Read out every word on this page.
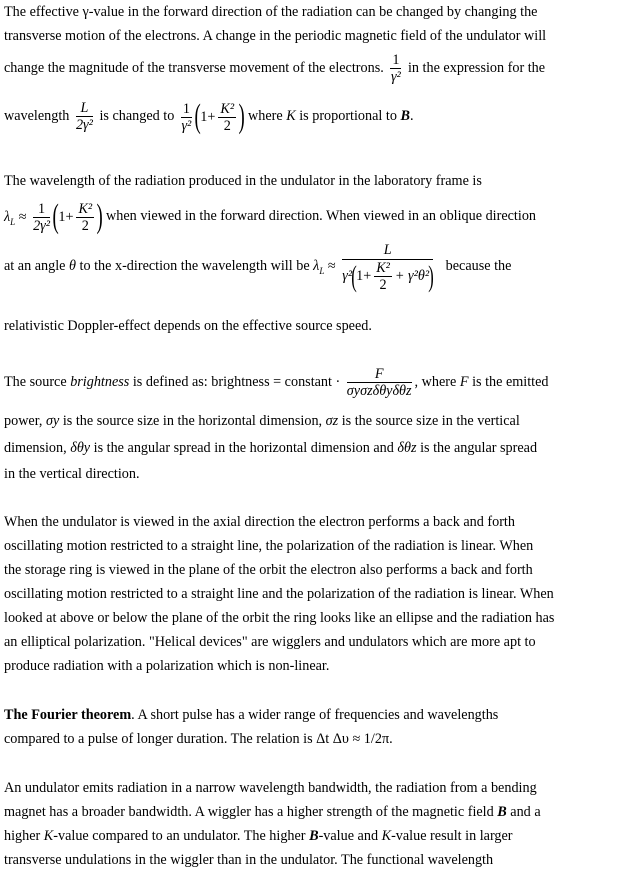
The effective γ-value in the forward direction of the radiation can be changed by changing the
transverse motion of the electrons. A change in the periodic magnetic field of the undulator will
change the magnitude of the transverse movement of the electrons. $\frac{1}{\text{γ²}}$ in the expression for the
wavelength $\frac{L}{\text{2γ²}}$ is changed to $\frac{1}{\text{γ²}} (1+ \frac{\text{K²}}{2}$ ) where K is proportional to B.
The wavelength of the radiation produced in the undulator in the laboratory frame is
$\lambda_L \approx \frac{1}{\text{2γ²}} (1+ \frac{\text{K²}}{2}$ ) when viewed in the forward direction. When viewed in an oblique direction
at an angle θ to the x-direction the wavelength will be $\lambda_L \approx \frac{L}{\gamma^2(1+ \frac{\text{K²}}{2} + \gamma^2\theta^2)}$ because the
relativistic Doppler-effect depends on the effective source speed.
The source brightness is defined as: brightness = constant · $\frac{F}{\text{σyσzδθyδθz}}$ , where F is the emitted
power, σy is the source size in the horizontal dimension, σz is the source size in the vertical
dimension, δθy is the angular spread in the horizontal dimension and δθz is the angular spread
in the vertical direction.
When the undulator is viewed in the axial direction the electron performs a back and forth
oscillating motion restricted to a straight line, the polarization of the radiation is linear. When
the storage ring is viewed in the plane of the orbit the electron also performs a back and forth
oscillating motion restricted to a straight line and the polarization of the radiation is linear. When
looked at above or below the plane of the orbit the ring looks like an ellipse and the radiation has
an elliptical polarization. "Helical devices" are wigglers and undulators which are more apt to
produce radiation with a polarization which is non-linear.
The Fourier theorem. A short pulse has a wider range of frequencies and wavelengths
compared to a pulse of longer duration. The relation is Δt Δυ ≈ 1/2π.
An undulator emits radiation in a narrow wavelength bandwidth, the radiation from a bending
magnet has a broader bandwidth. A wiggler has a higher strength of the magnetic field B and a
higher K-value compared to an undulator. The higher B-value and K-value result in larger
transverse undulations in the wiggler than in the undulator. The functional wavelength
